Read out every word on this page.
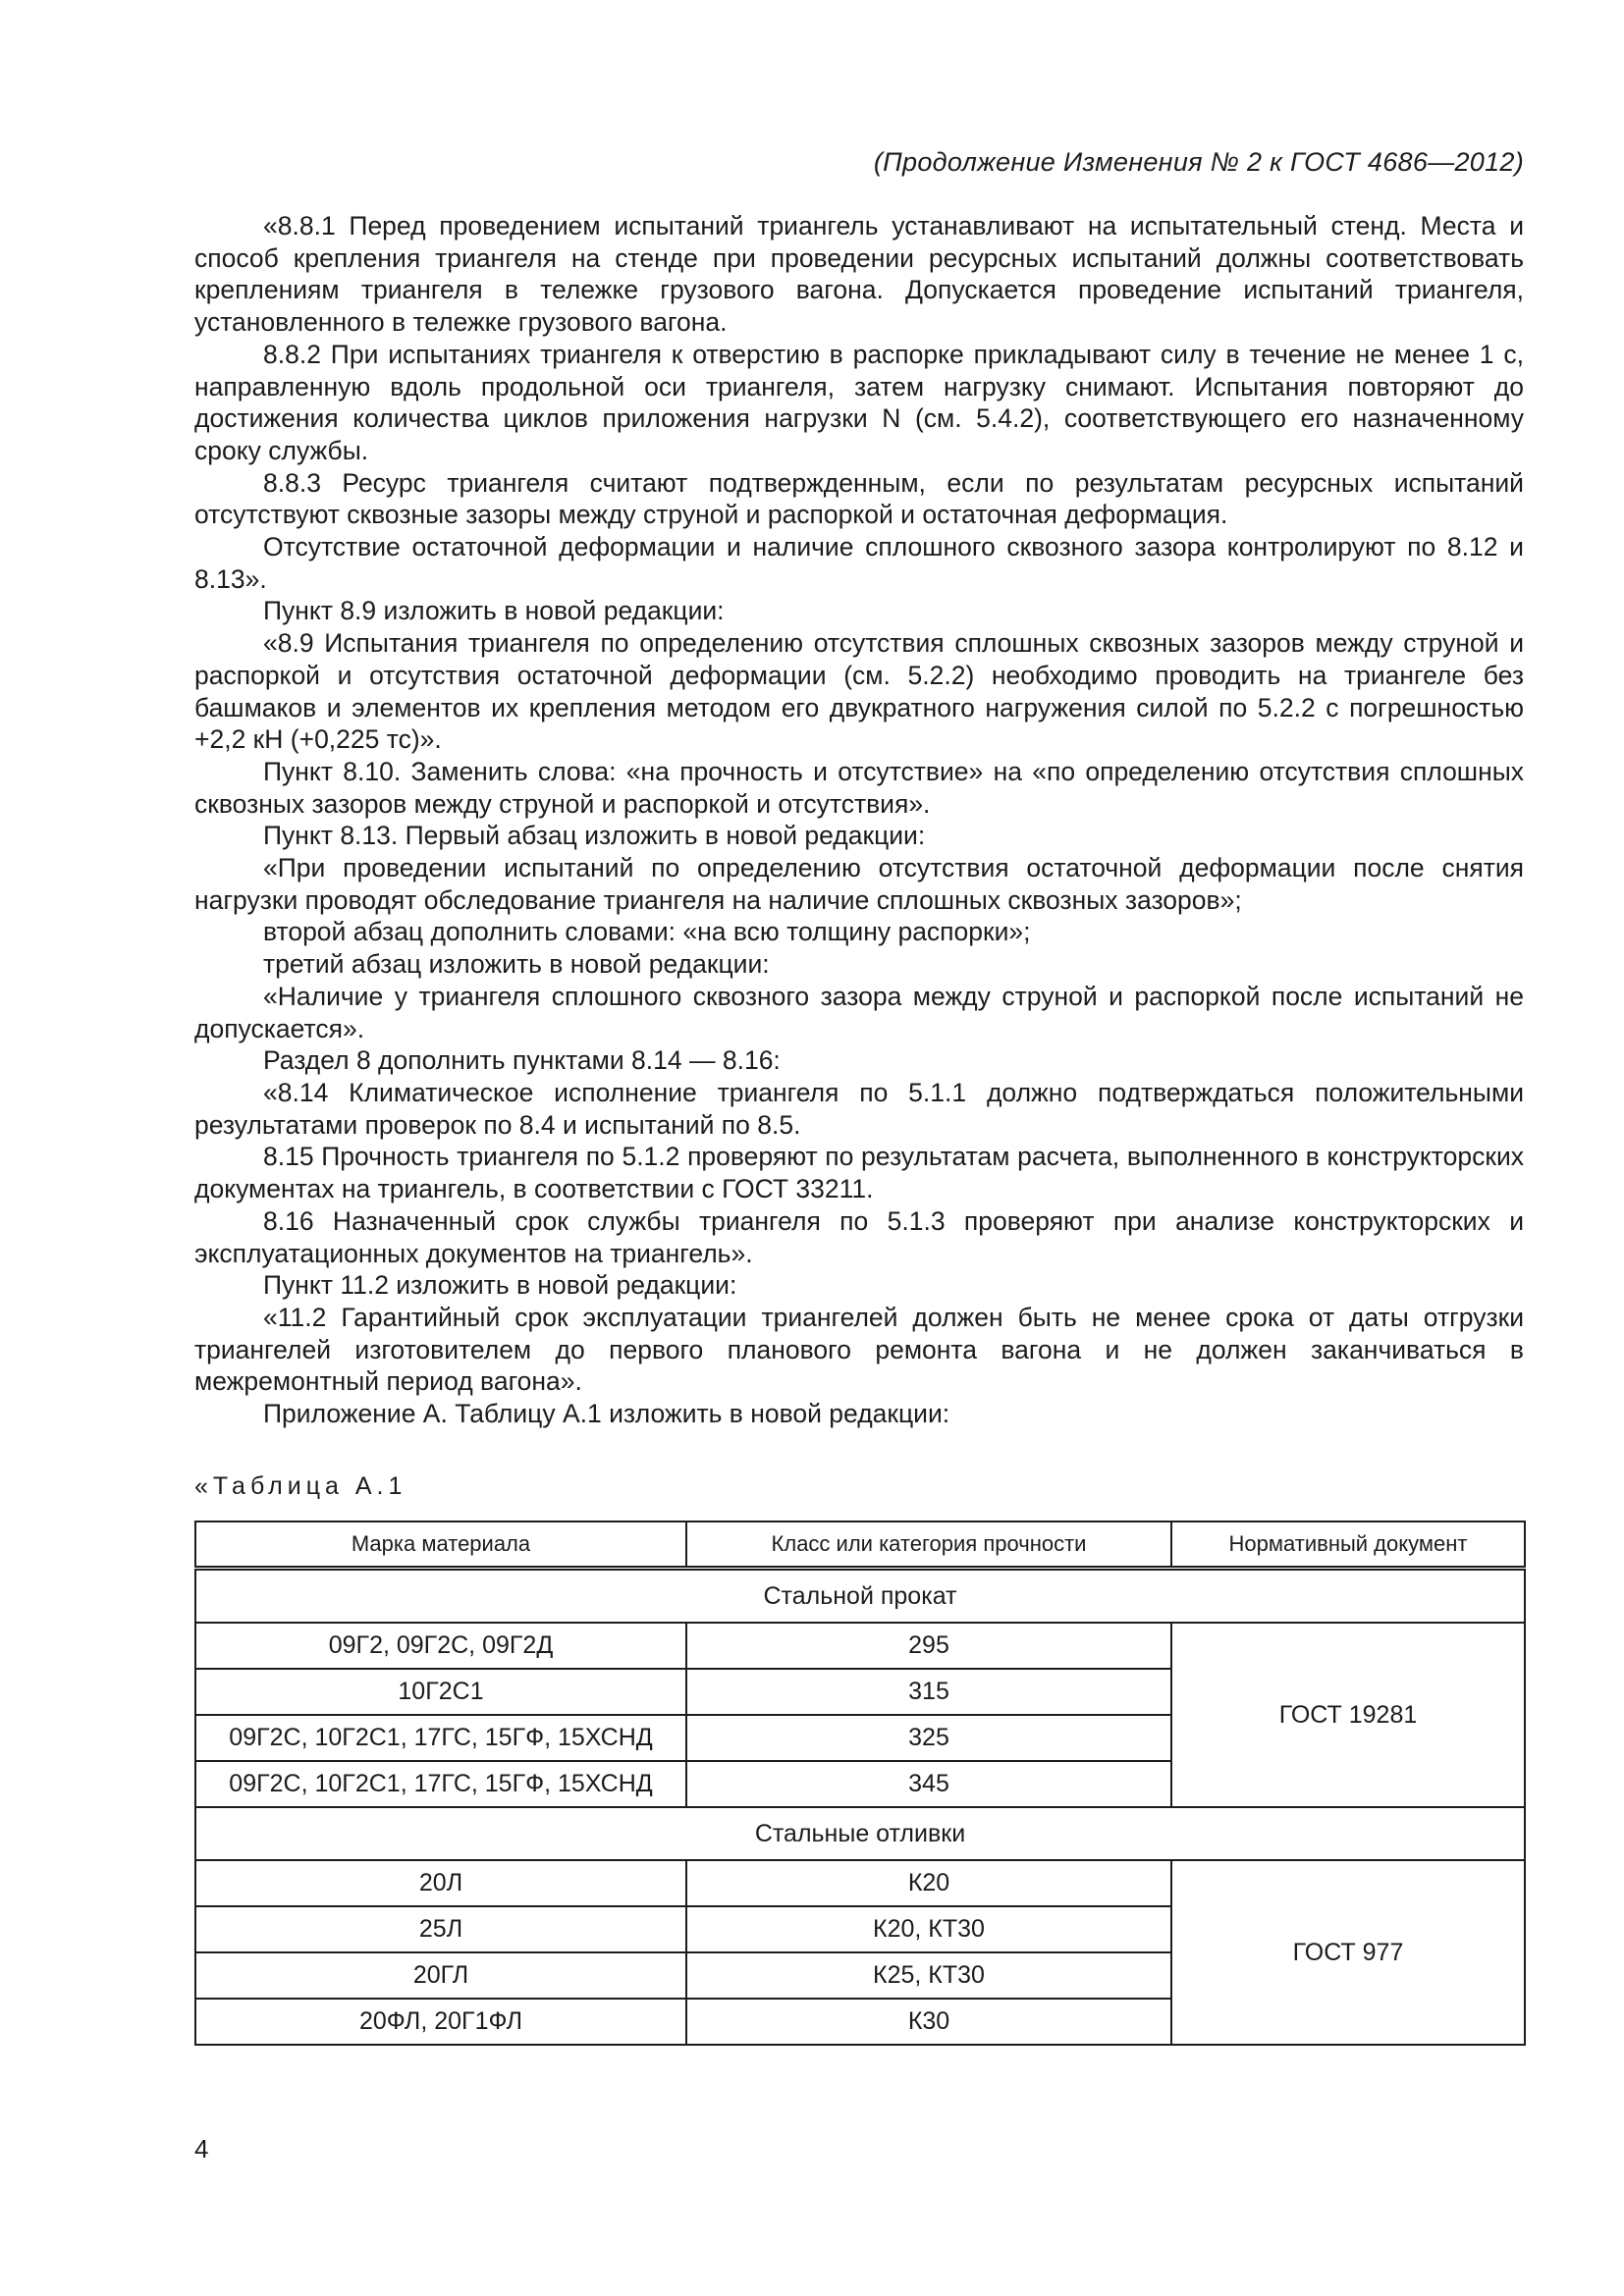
(Продолжение Изменения № 2 к ГОСТ 4686—2012)

«8.8.1 Перед проведением испытаний триангель устанавливают на испытательный стенд. Места и способ крепления триангеля на стенде при проведении ресурсных испытаний должны соответствовать креплениям триангеля в тележке грузового вагона. Допускается проведение испытаний триангеля, установленного в тележке грузового вагона.

8.8.2 При испытаниях триангеля к отверстию в распорке прикладывают силу в течение не менее 1 с, направленную вдоль продольной оси триангеля, затем нагрузку снимают. Испытания повторяют до достижения количества циклов приложения нагрузки N (см. 5.4.2), соответствующего его назначенному сроку службы.

8.8.3 Ресурс триангеля считают подтвержденным, если по результатам ресурсных испытаний отсутствуют сквозные зазоры между струной и распоркой и остаточная деформация.

Отсутствие остаточной деформации и наличие сплошного сквозного зазора контролируют по 8.12 и 8.13».

Пункт 8.9 изложить в новой редакции:

«8.9 Испытания триангеля по определению отсутствия сплошных сквозных зазоров между струной и распоркой и отсутствия остаточной деформации (см. 5.2.2) необходимо проводить на триангеле без башмаков и элементов их крепления методом его двукратного нагружения силой по 5.2.2 с погрешностью +2,2 кН (+0,225 тс)».

Пункт 8.10. Заменить слова: «на прочность и отсутствие» на «по определению отсутствия сплошных сквозных зазоров между струной и распоркой и отсутствия».

Пункт 8.13. Первый абзац изложить в новой редакции:

«При проведении испытаний по определению отсутствия остаточной деформации после снятия нагрузки проводят обследование триангеля на наличие сплошных сквозных зазоров»;

второй абзац дополнить словами: «на всю толщину распорки»;

третий абзац изложить в новой редакции:

«Наличие у триангеля сплошного сквозного зазора между струной и распоркой после испытаний не допускается».

Раздел 8 дополнить пунктами 8.14 — 8.16:

«8.14 Климатическое исполнение триангеля по 5.1.1 должно подтверждаться положительными результатами проверок по 8.4 и испытаний по 8.5.

8.15 Прочность триангеля по 5.1.2 проверяют по результатам расчета, выполненного в конструкторских документах на триангель, в соответствии с ГОСТ 33211.

8.16 Назначенный срок службы триангеля по 5.1.3 проверяют при анализе конструкторских и эксплуатационных документов на триангель».

Пункт 11.2 изложить в новой редакции:

«11.2 Гарантийный срок эксплуатации триангелей должен быть не менее срока от даты отгрузки триангелей изготовителем до первого планового ремонта вагона и не должен заканчиваться в межремонтный период вагона».

Приложение А. Таблицу А.1 изложить в новой редакции:

«Таблица А.1
Марка материала	Класс или категория прочности	Нормативный документ
Стальной прокат		
09Г2, 09Г2С, 09Г2Д	295	ГОСТ 19281
10Г2С1	315	
09Г2С, 10Г2С1, 17ГС, 15ГФ, 15ХСНД	325	
09Г2С, 10Г2С1, 17ГС, 15ГФ, 15ХСНД	345	
Стальные отливки		
20Л	К20	ГОСТ 977
25Л	К20, КТ30	
20ГЛ	К25, КТ30	
20ФЛ, 20Г1ФЛ	К30	
4
